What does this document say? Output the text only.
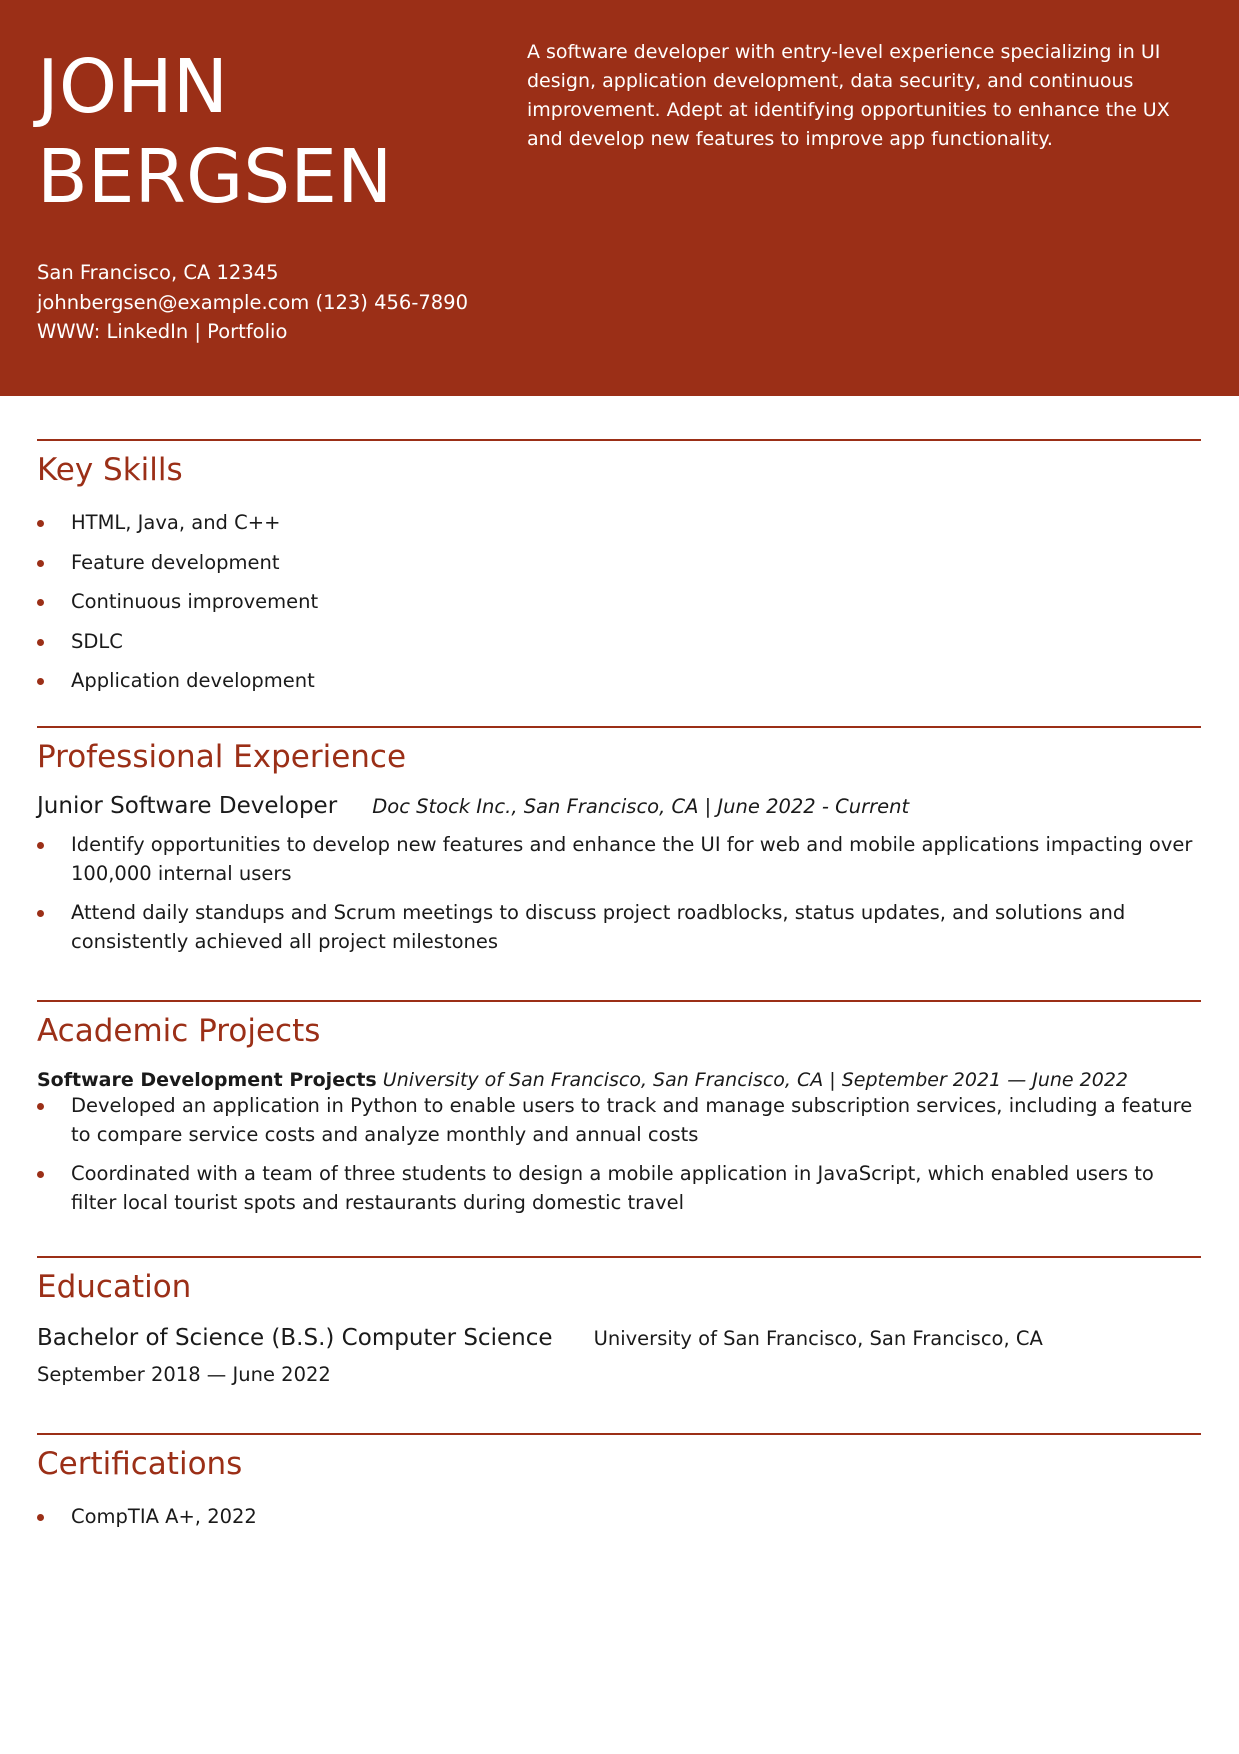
JOHN
BERGSEN

A software developer with entry-level experience specializing in UI design, application development, data security, and continuous improvement. Adept at identifying opportunities to enhance the UX and develop new features to improve app functionality.

San Francisco, CA 12345
johnbergsen@example.com (123) 456-7890
WWW: LinkedIn | Portfolio
Key Skills
HTML, Java, and C++
Feature development
Continuous improvement
SDLC
Application development
Professional Experience
Junior Software Developer Doc Stock Inc., San Francisco, CA | June 2022 - Current
Identify opportunities to develop new features and enhance the UI for web and mobile applications impacting over 100,000 internal users
Attend daily standups and Scrum meetings to discuss project roadblocks, status updates, and solutions and consistently achieved all project milestones
Academic Projects
Software Development Projects University of San Francisco, San Francisco, CA | September 2021 — June 2022
Developed an application in Python to enable users to track and manage subscription services, including a feature to compare service costs and analyze monthly and annual costs
Coordinated with a team of three students to design a mobile application in JavaScript, which enabled users to filter local tourist spots and restaurants during domestic travel
Education
Bachelor of Science (B.S.) Computer Science University of San Francisco, San Francisco, CA
September 2018 — June 2022
Certifications
CompTIA A+, 2022
